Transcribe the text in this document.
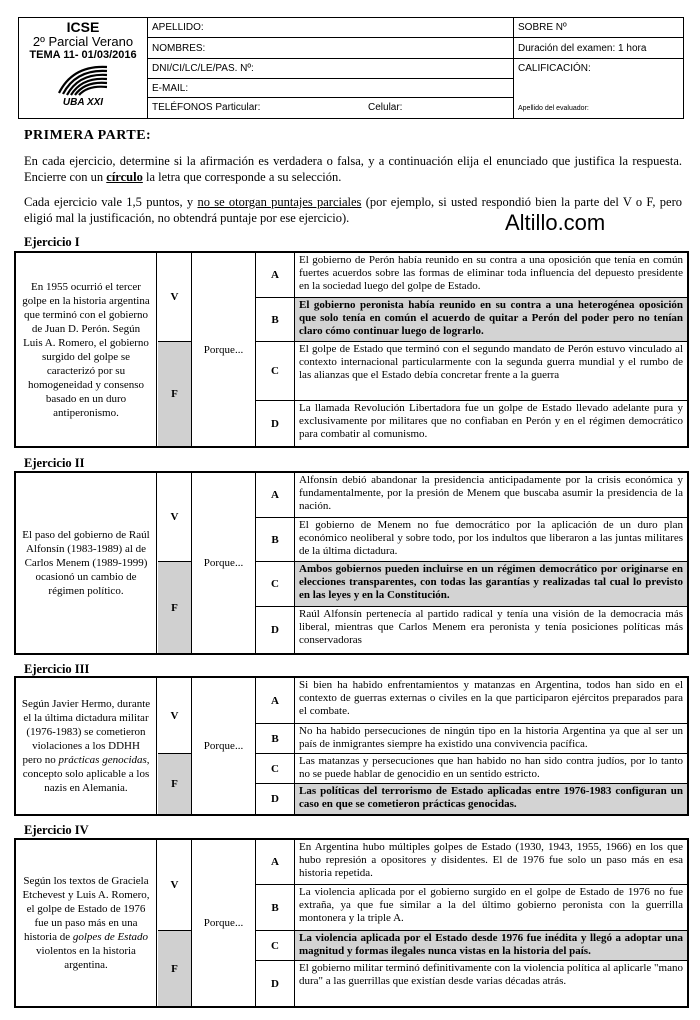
ICSE
2º Parcial Verano
TEMA 11- 01/03/2016
UBA XXI
APELLIDO:
NOMBRES:
DNI/CI/LC/LE/PAS. Nº:
E-MAIL:
TELÉFONOS Particular:	Celular:
SOBRE Nº
Duración del examen: 1 hora
CALIFICACIÓN:
Apellido del evaluador:
PRIMERA PARTE:
En cada ejercicio, determine si la afirmación es verdadera o falsa, y a continuación elija el enunciado que justifica la respuesta. Encierre con un círculo la letra que corresponde a su selección.
Cada ejercicio vale 1,5 puntos, y no se otorgan puntajes parciales (por ejemplo, si usted respondió bien la parte del V o F, pero eligió mal la justificación, no obtendrá puntaje por ese ejercicio).	Altillo.com
Ejercicio I
En 1955 ocurrió el tercer golpe en la historia argentina que terminó con el gobierno de Juan D. Perón. Según Luis A. Romero, el gobierno surgido del golpe se caracterizó por su homogeneidad y consenso basado en un duro antiperonismo.
V
F
Porque...
A
El gobierno de Perón había reunido en su contra a una oposición que tenía en común fuertes acuerdos sobre las formas de eliminar toda influencia del depuesto presidente en la sociedad luego del golpe de Estado.
B
El gobierno peronista había reunido en su contra a una heterogénea oposición que solo tenía en común el acuerdo de quitar a Perón del poder pero no tenían claro cómo continuar luego de lograrlo.
C
El golpe de Estado que terminó con el segundo mandato de Perón estuvo vinculado al contexto internacional particularmente con la segunda guerra mundial y el rumbo de las alianzas que el Estado debía concretar frente a la guerra
D
La llamada Revolución Libertadora fue un golpe de Estado llevado adelante pura y exclusivamente por militares que no confiaban en Perón y en el régimen democrático para combatir al comunismo.
Ejercicio II
El paso del gobierno de Raúl Alfonsín (1983-1989) al de Carlos Menem (1989-1999) ocasionó un cambio de régimen político.
V
F
Porque...
A
Alfonsín debió abandonar la presidencia anticipadamente por la crisis económica y fundamentalmente, por la presión de Menem que buscaba asumir la presidencia de la nación.
B
El gobierno de Menem no fue democrático por la aplicación de un duro plan económico neoliberal y sobre todo, por los indultos que liberaron a las juntas militares de la última dictadura.
C
Ambos gobiernos pueden incluirse en un régimen democrático por originarse en elecciones transparentes, con todas las garantías y realizadas tal cual lo previsto en las leyes y en la Constitución.
D
Raúl Alfonsín pertenecía al partido radical y tenía una visión de la democracia más liberal, mientras que Carlos Menem era peronista y tenía posiciones políticas más conservadoras
Ejercicio III
Según Javier Hermo, durante el la última dictadura militar (1976-1983) se cometieron violaciones a los DDHH pero no prácticas genocidas, concepto solo aplicable a los nazis en Alemania.
V
F
Porque...
A
Si bien ha habido enfrentamientos y matanzas en Argentina, todos han sido en el contexto de guerras externas o civiles en la que participaron ejércitos preparados para el combate.
B
No ha habido persecuciones de ningún tipo en la historia Argentina ya que al ser un país de inmigrantes siempre ha existido una convivencia pacífica.
C
Las matanzas y persecuciones que han habido no han sido contra judíos, por lo tanto no se puede hablar de genocidio en un sentido estricto.
D
Las políticas del terrorismo de Estado aplicadas entre 1976-1983 configuran un caso en que se cometieron prácticas genocidas.
Ejercicio IV
Según los textos de Graciela Etchevest y Luis A. Romero, el golpe de Estado de 1976 fue un paso más en una historia de golpes de Estado violentos en la historia argentina.
V
F
Porque...
A
En Argentina hubo múltiples golpes de Estado (1930, 1943, 1955, 1966) en los que hubo represión a opositores y disidentes. El de 1976 fue solo un paso más en esa historia repetida.
B
La violencia aplicada por el gobierno surgido en el golpe de Estado de 1976 no fue extraña, ya que fue similar a la del último gobierno peronista con la guerrilla montonera y la triple A.
C
La violencia aplicada por el Estado desde 1976 fue inédita y llegó a adoptar una magnitud y formas ilegales nunca vistas en la historia del país.
D
El gobierno militar terminó definitivamente con la violencia política al aplicarle "mano dura" a las guerrillas que existían desde varias décadas atrás.
